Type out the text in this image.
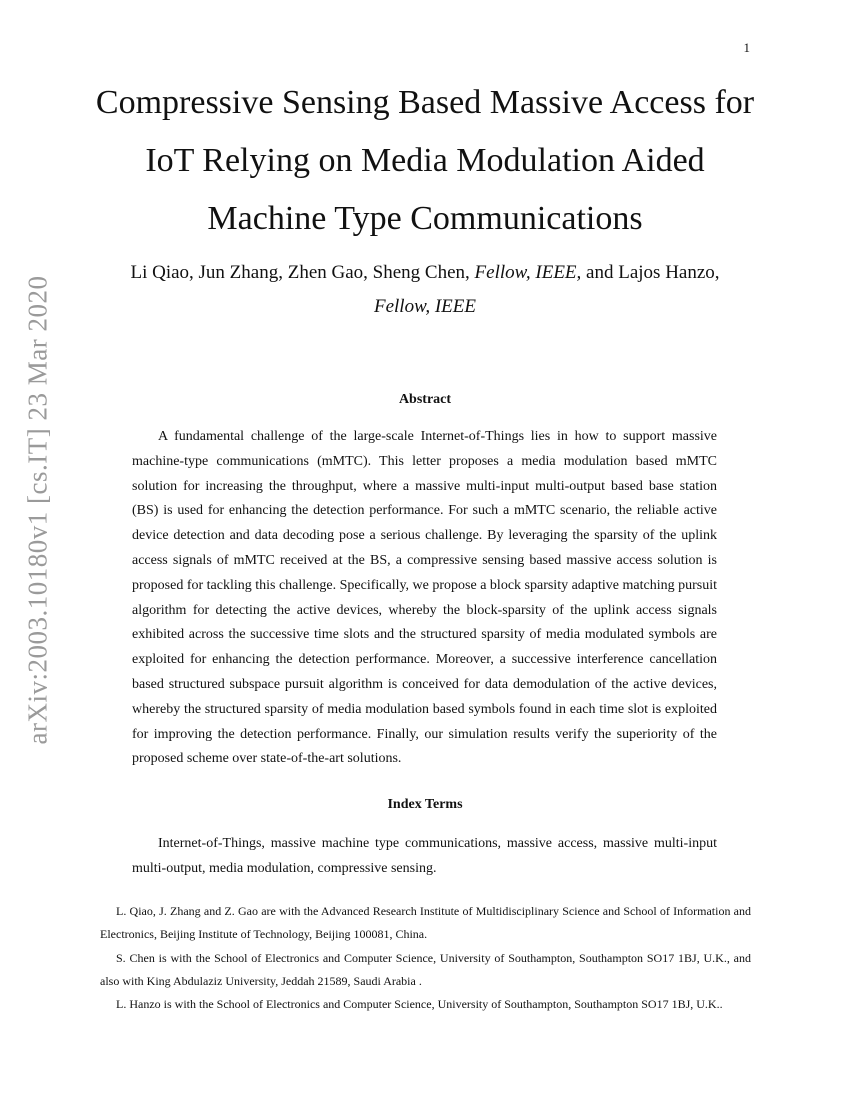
1
arXiv:2003.10180v1 [cs.IT] 23 Mar 2020
Compressive Sensing Based Massive Access for IoT Relying on Media Modulation Aided Machine Type Communications
Li Qiao, Jun Zhang, Zhen Gao, Sheng Chen, Fellow, IEEE, and Lajos Hanzo, Fellow, IEEE
Abstract

A fundamental challenge of the large-scale Internet-of-Things lies in how to support massive machine-type communications (mMTC). This letter proposes a media modulation based mMTC solution for increasing the throughput, where a massive multi-input multi-output based base station (BS) is used for enhancing the detection performance. For such a mMTC scenario, the reliable active device detection and data decoding pose a serious challenge. By leveraging the sparsity of the uplink access signals of mMTC received at the BS, a compressive sensing based massive access solution is proposed for tackling this challenge. Specifically, we propose a block sparsity adaptive matching pursuit algorithm for detecting the active devices, whereby the block-sparsity of the uplink access signals exhibited across the successive time slots and the structured sparsity of media modulated symbols are exploited for enhancing the detection performance. Moreover, a successive interference cancellation based structured subspace pursuit algorithm is conceived for data demodulation of the active devices, whereby the structured sparsity of media modulation based symbols found in each time slot is exploited for improving the detection performance. Finally, our simulation results verify the superiority of the proposed scheme over state-of-the-art solutions.

Index Terms

Internet-of-Things, massive machine type communications, massive access, massive multi-input multi-output, media modulation, compressive sensing.

L. Qiao, J. Zhang and Z. Gao are with the Advanced Research Institute of Multidisciplinary Science and School of Information and Electronics, Beijing Institute of Technology, Beijing 100081, China.

S. Chen is with the School of Electronics and Computer Science, University of Southampton, Southampton SO17 1BJ, U.K., and also with King Abdulaziz University, Jeddah 21589, Saudi Arabia .

L. Hanzo is with the School of Electronics and Computer Science, University of Southampton, Southampton SO17 1BJ, U.K..
